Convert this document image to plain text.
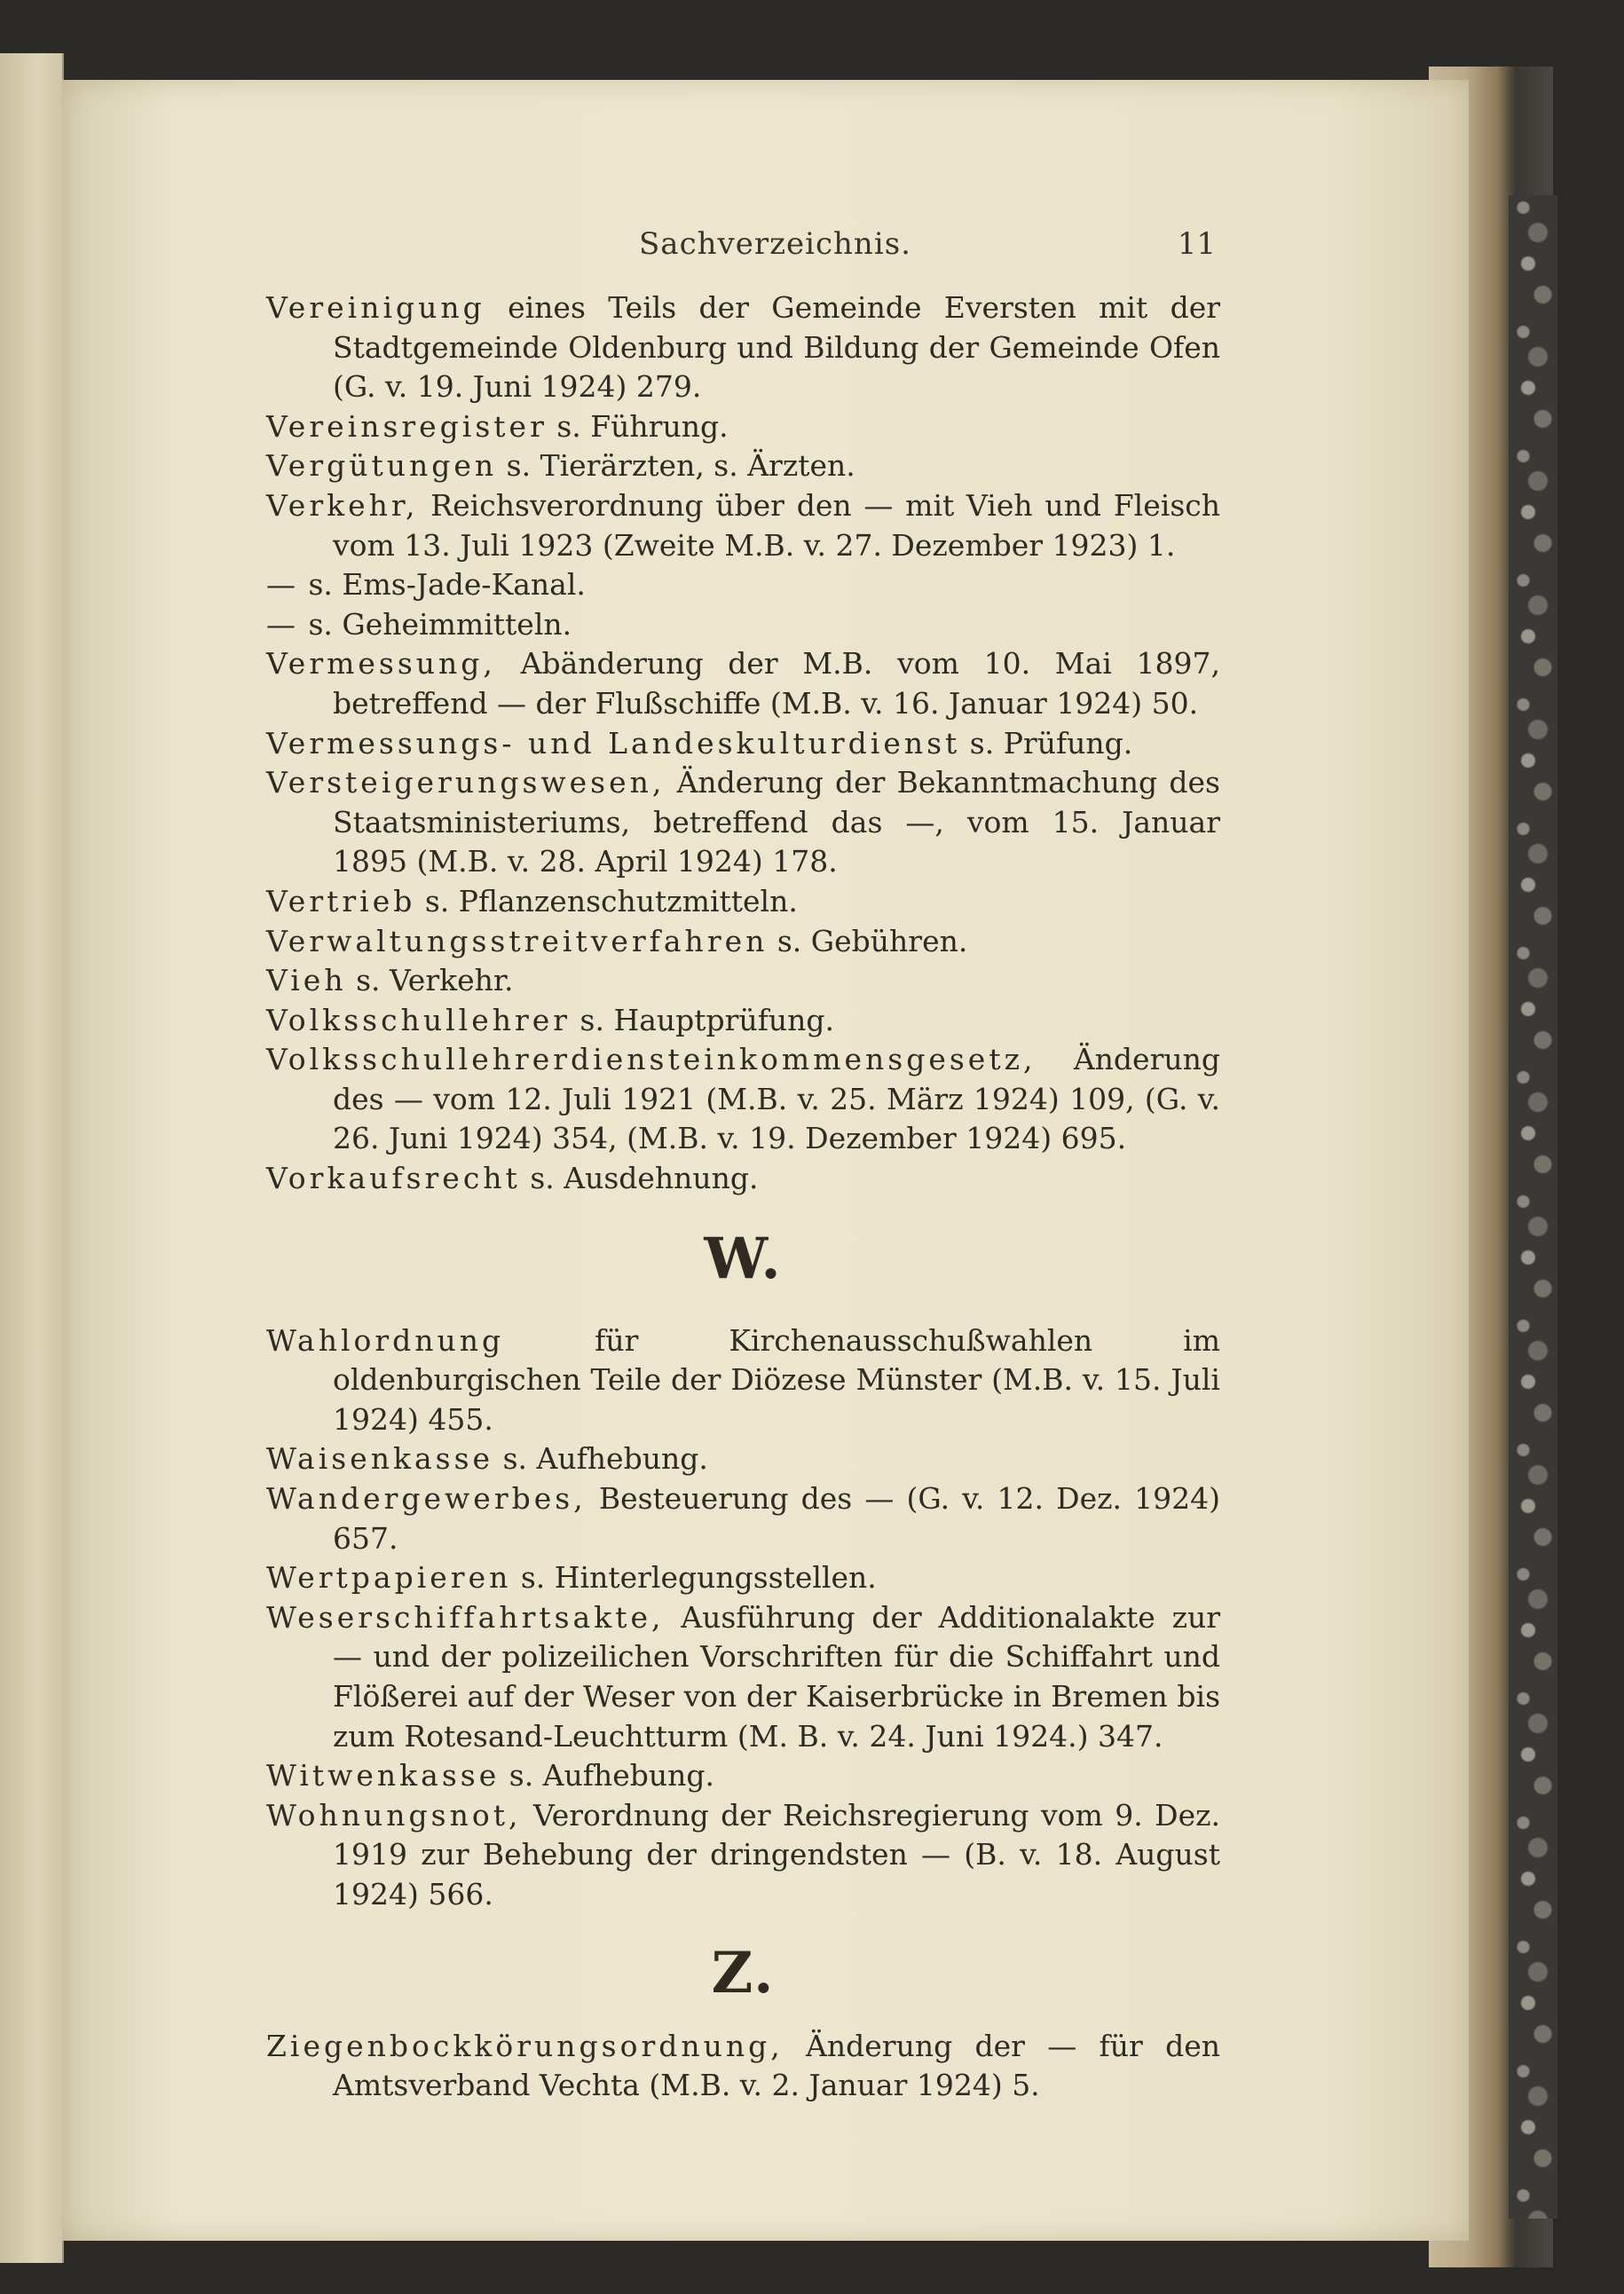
Sachverzeichnis.	11

Vereinigung eines Teils der Gemeinde Eversten mit der Stadtgemeinde Oldenburg und Bildung der Gemeinde Ofen (G. v. 19. Juni 1924) 279.

Vereinsregister s. Führung.

Vergütungen s. Tierärzten, s. Ärzten.

Verkehr, Reichsverordnung über den — mit Vieh und Fleisch vom 13. Juli 1923 (Zweite M.B. v. 27. Dezember 1923) 1.

— s. Ems-Jade-Kanal.

— s. Geheimmitteln.

Vermessung, Abänderung der M.B. vom 10. Mai 1897, betreffend — der Flußschiffe (M.B. v. 16. Januar 1924) 50.

Vermessungs- und Landeskulturdienst s. Prüfung.

Versteigerungswesen, Änderung der Bekanntmachung des Staatsministeriums, betreffend das —, vom 15. Januar 1895 (M.B. v. 28. April 1924) 178.

Vertrieb s. Pflanzenschutzmitteln.

Verwaltungsstreitverfahren s. Gebühren.

Vieh s. Verkehr.

Volksschullehrer s. Hauptprüfung.

Volksschullehrerdiensteinkommensgesetz, Änderung des — vom 12. Juli 1921 (M.B. v. 25. März 1924) 109, (G. v. 26. Juni 1924) 354, (M.B. v. 19. Dezember 1924) 695.

Vorkaufsrecht s. Ausdehnung.

W.

Wahlordnung für Kirchenausschußwahlen im oldenburgischen Teile der Diözese Münster (M.B. v. 15. Juli 1924) 455.

Waisenkasse s. Aufhebung.

Wandergewerbes, Besteuerung des — (G. v. 12. Dez. 1924) 657.

Wertpapieren s. Hinterlegungsstellen.

Weserschiffahrtsakte, Ausführung der Additionalakte zur — und der polizeilichen Vorschriften für die Schiffahrt und Flößerei auf der Weser von der Kaiserbrücke in Bremen bis zum Rotesand-Leuchtturm (M. B. v. 24. Juni 1924.) 347.

Witwenkasse s. Aufhebung.

Wohnungsnot, Verordnung der Reichsregierung vom 9. Dez. 1919 zur Behebung der dringendsten — (B. v. 18. August 1924) 566.

Z.

Ziegenbockkörungsordnung, Änderung der — für den Amtsverband Vechta (M.B. v. 2. Januar 1924) 5.
